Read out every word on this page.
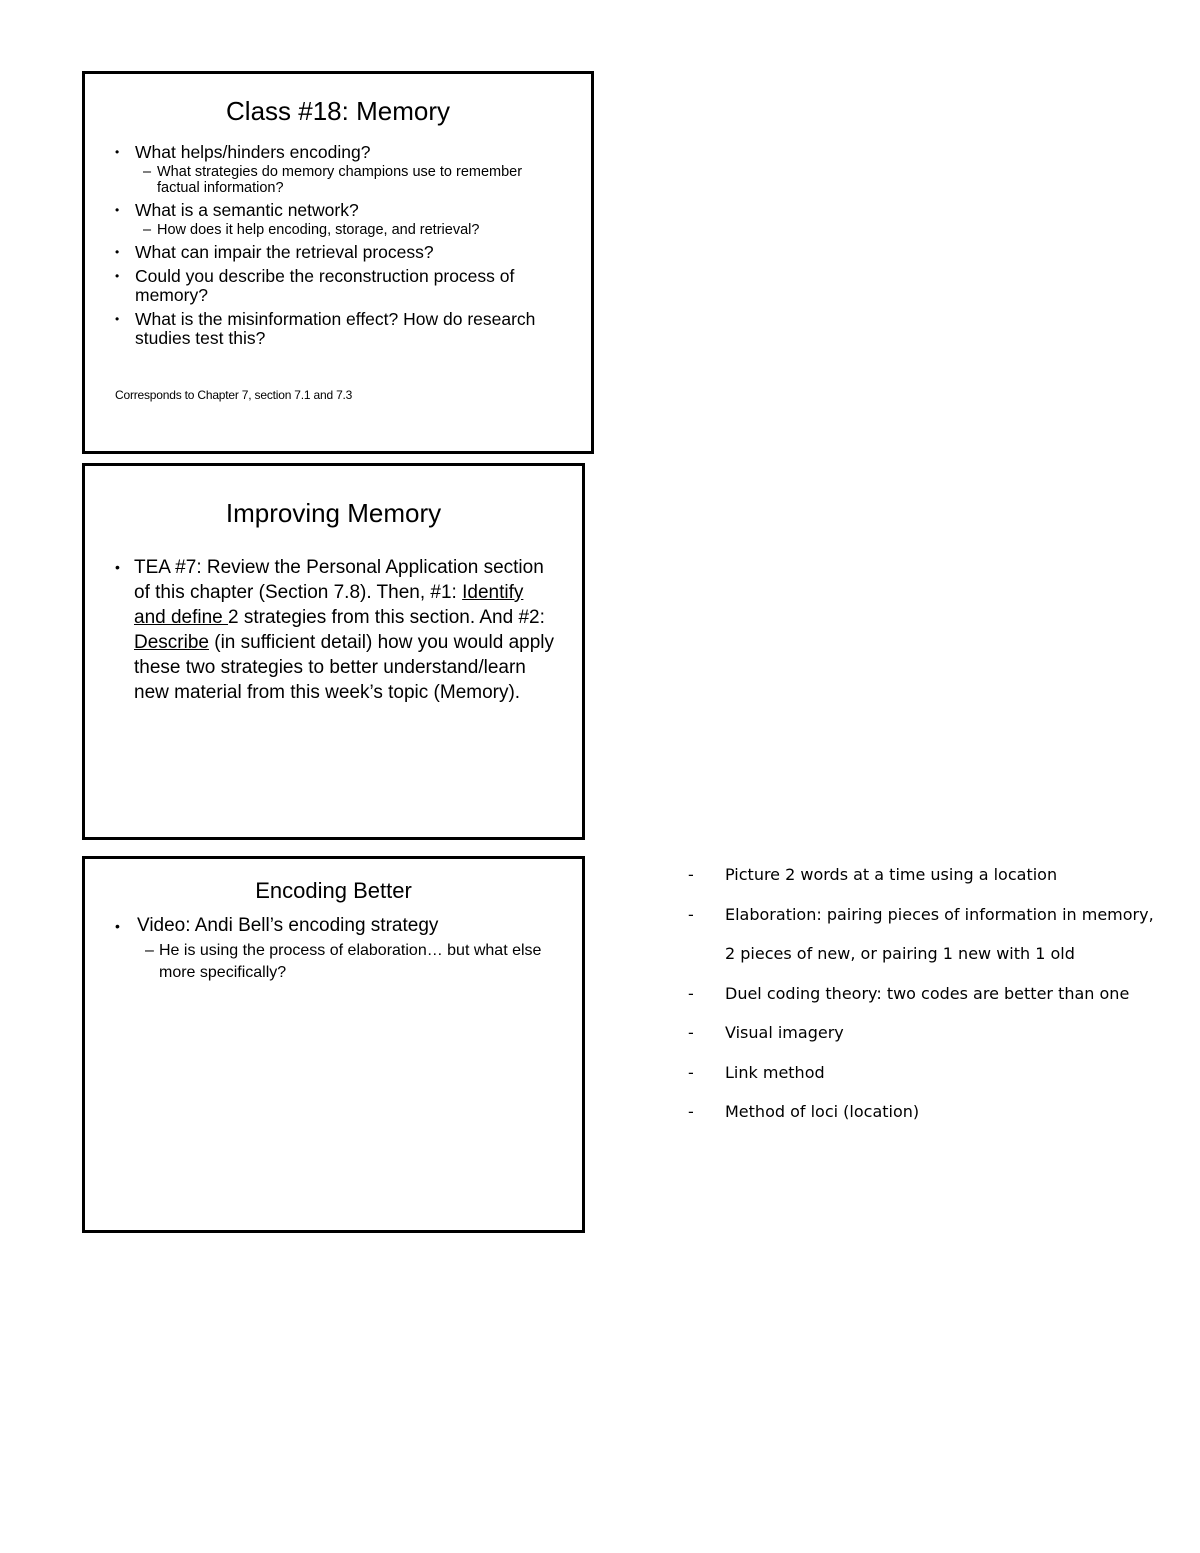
Class #18: Memory
• What helps/hinders encoding?
– What strategies do memory champions use to remember factual information?
• What is a semantic network?
– How does it help encoding, storage, and retrieval?
• What can impair the retrieval process?
• Could you describe the reconstruction process of memory?
• What is the misinformation effect? How do research studies test this?
Corresponds to Chapter 7, section 7.1 and 7.3
Improving Memory
• TEA #7: Review the Personal Application section of this chapter (Section 7.8). Then, #1: Identify and define 2 strategies from this section. And #2: Describe (in sufficient detail) how you would apply these two strategies to better understand/learn new material from this week’s topic (Memory).
Encoding Better
• Video: Andi Bell’s encoding strategy
– He is using the process of elaboration… but what else more specifically?
- Picture 2 words at a time using a location
- Elaboration: pairing pieces of information in memory, 2 pieces of new, or pairing 1 new with 1 old
- Duel coding theory: two codes are better than one
- Visual imagery
- Link method
- Method of loci (location)
